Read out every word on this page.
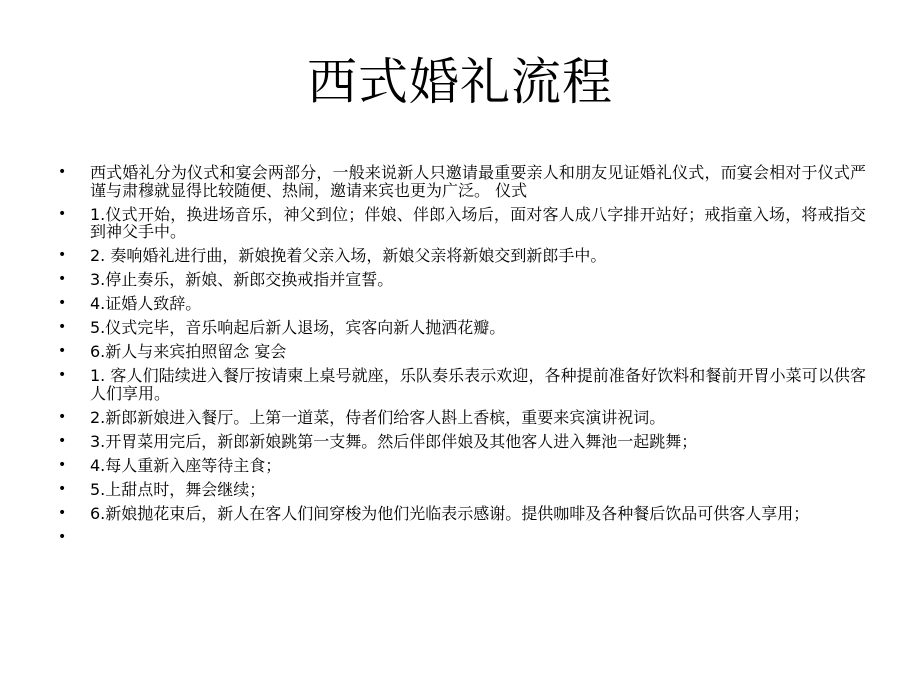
西式婚礼流程
• 西式婚礼分为仪式和宴会两部分，一般来说新人只邀请最重要亲人和朋友见证婚礼仪式，而宴会相对于仪式严谨与肃穆就显得比较随便、热闹，邀请来宾也更为广泛。 仪式
• 1.仪式开始，换进场音乐，神父到位；伴娘、伴郎入场后，面对客人成八字排开站好；戒指童入场，将戒指交到神父手中。
• 2. 奏响婚礼进行曲，新娘挽着父亲入场，新娘父亲将新娘交到新郎手中。
• 3.停止奏乐，新娘、新郎交换戒指并宣誓。
• 4.证婚人致辞。
• 5.仪式完毕，音乐响起后新人退场，宾客向新人抛洒花瓣。
• 6.新人与来宾拍照留念 宴会
• 1. 客人们陆续进入餐厅按请柬上桌号就座，乐队奏乐表示欢迎，各种提前准备好饮料和餐前开胃小菜可以供客人们享用。
• 2.新郎新娘进入餐厅。上第一道菜，侍者们给客人斟上香槟，重要来宾演讲祝词。
• 3.开胃菜用完后，新郎新娘跳第一支舞。然后伴郎伴娘及其他客人进入舞池一起跳舞；
• 4.每人重新入座等待主食；
• 5.上甜点时，舞会继续；
• 6.新娘抛花束后，新人在客人们间穿梭为他们光临表示感谢。提供咖啡及各种餐后饮品可供客人享用；
•
